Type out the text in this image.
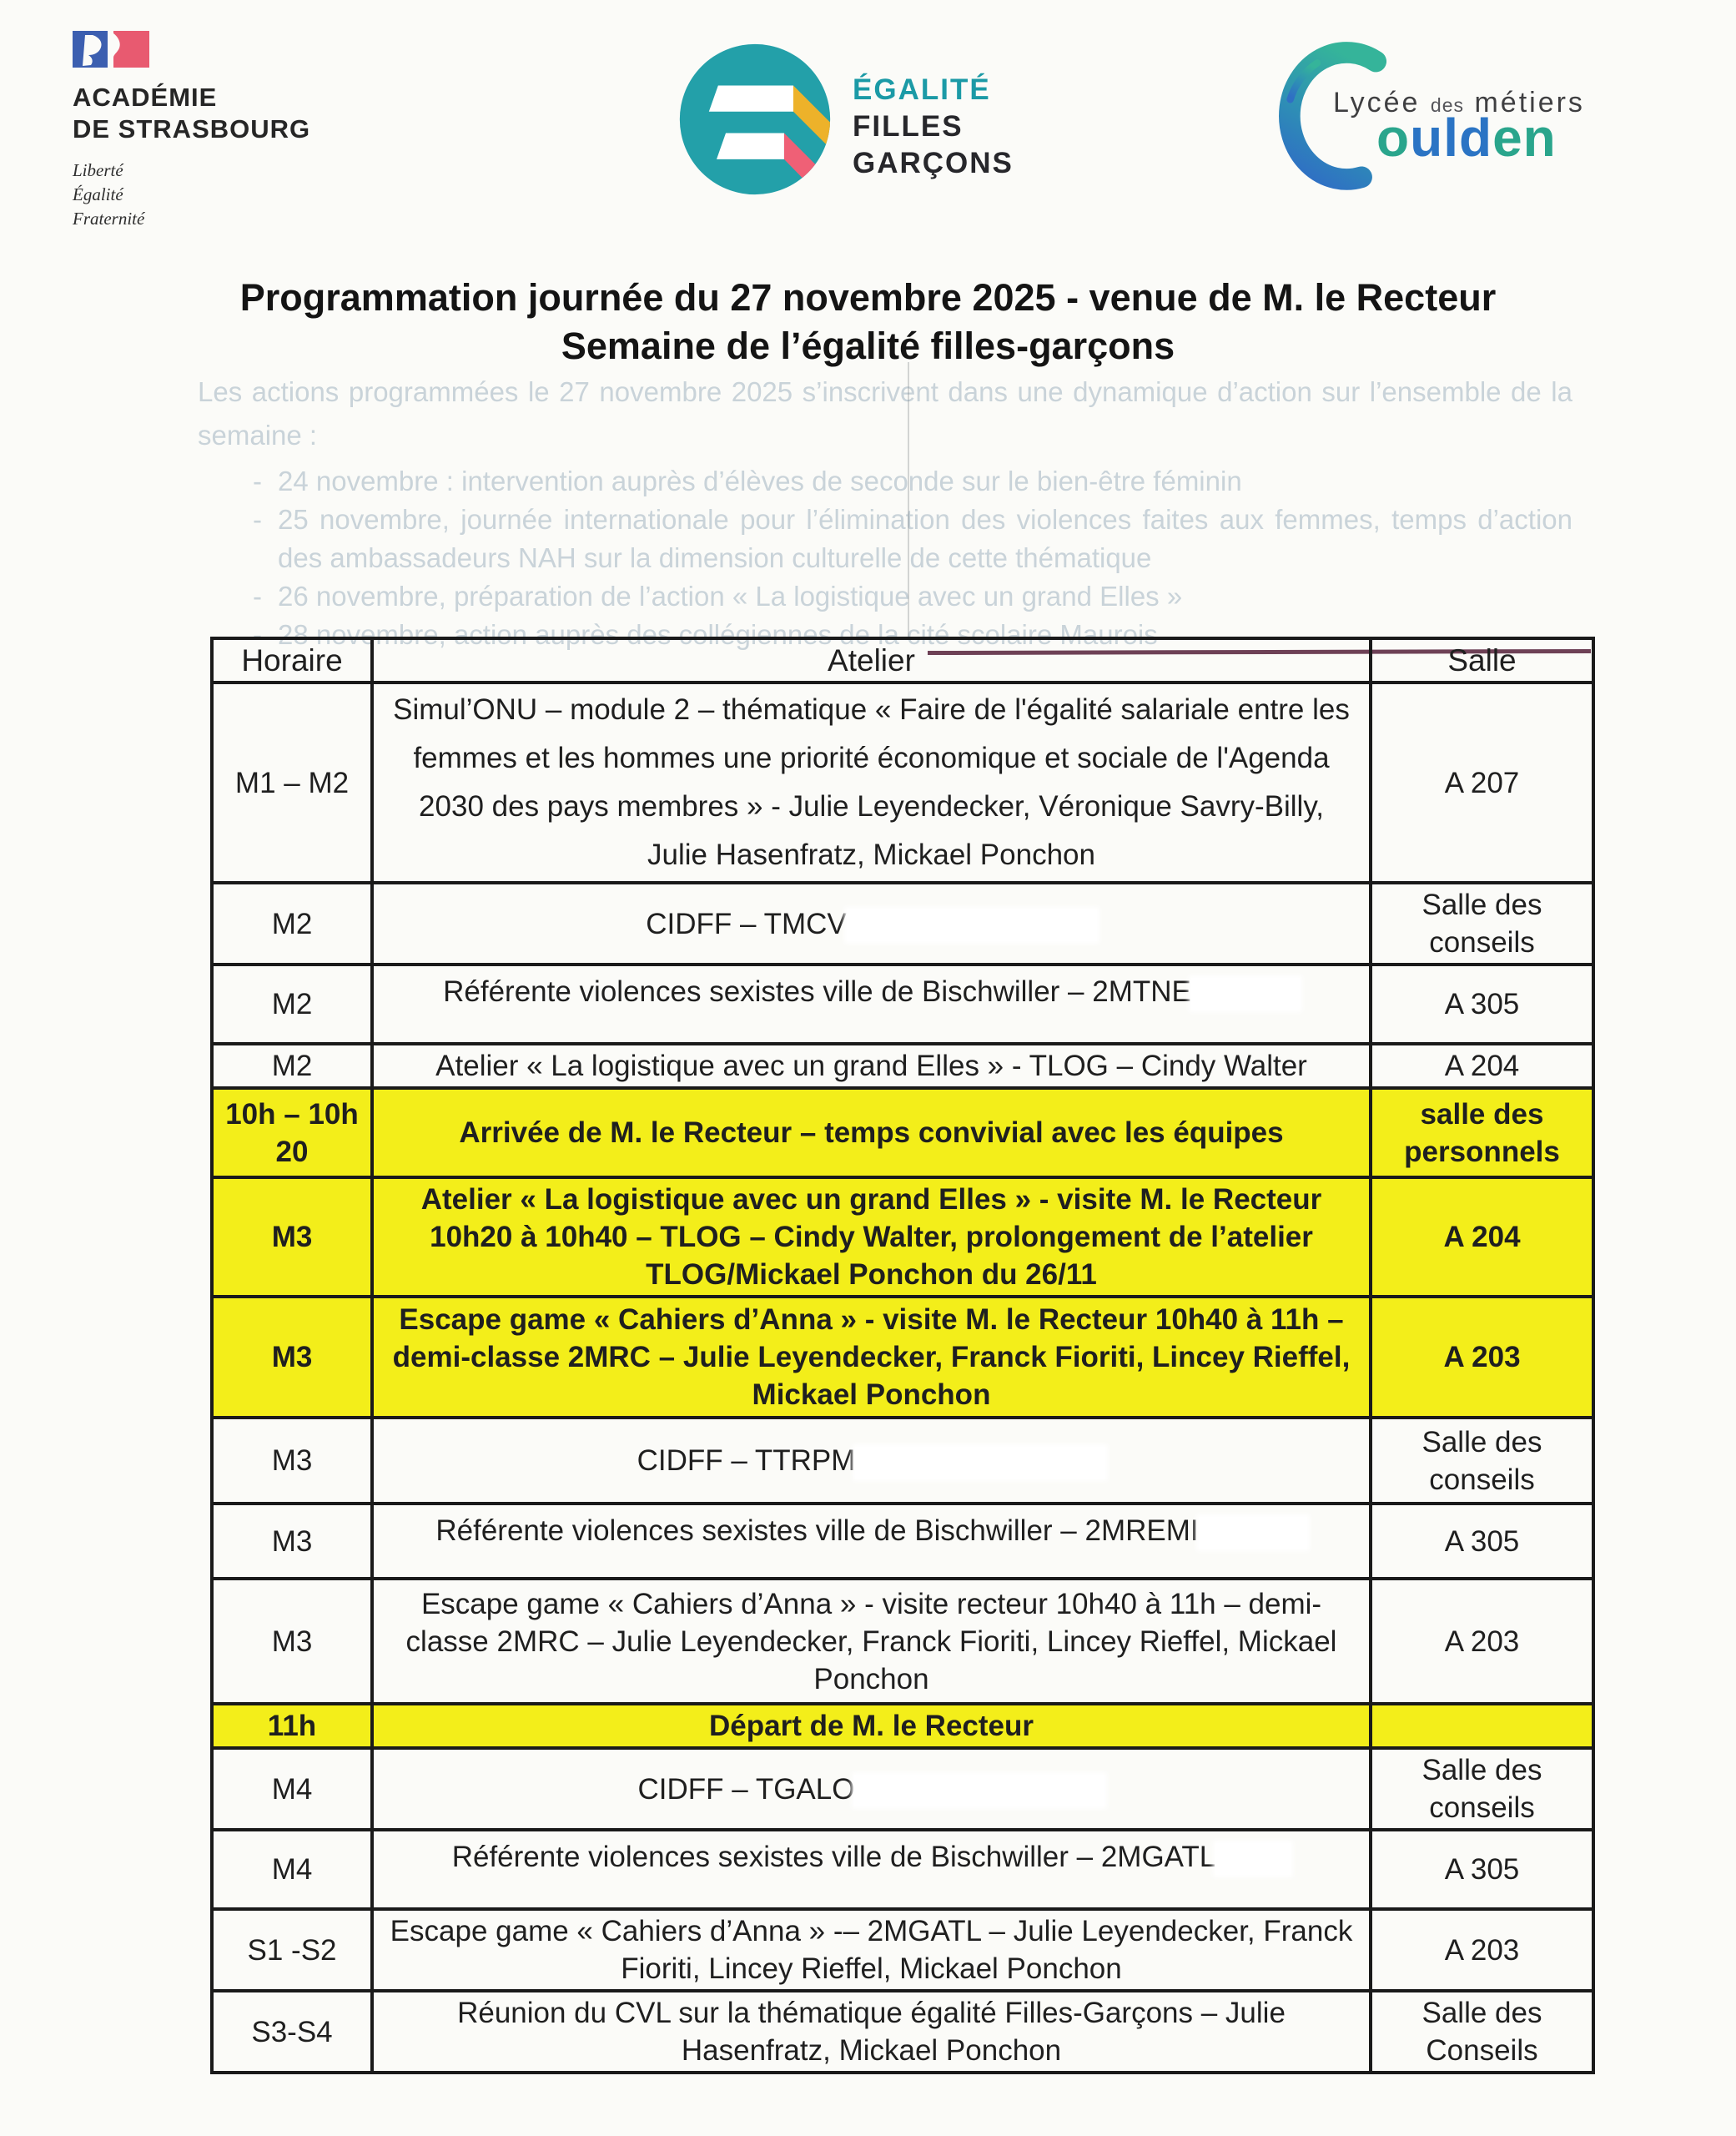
ACADÉMIE
DE STRASBOURG
Liberté
Égalité
Fraternité
ÉGALITÉ
FILLES
GARÇONS
Lycée des métiers
oulden
Programmation journée du 27 novembre 2025 - venue de M. le Recteur
Semaine de l’égalité filles-garçons
Les actions programmées le 27 novembre 2025 s’inscrivent dans une dynamique d’action sur l’ensemble de la semaine :
- 24 novembre : intervention auprès d’élèves de seconde sur le bien-être féminin
- 25 novembre, journée internationale pour l’élimination des violences faites aux femmes, temps d’action des ambassadeurs NAH sur la dimension culturelle de cette thématique
- 26 novembre, préparation de l’action « La logistique avec un grand Elles »
- 28 novembre, action auprès des collégiennes de la cité scolaire Maurois
Horaire	Atelier	Salle
M1 – M2	Simul’ONU – module 2 – thématique « Faire de l'égalité salariale entre les femmes et les hommes une priorité économique et sociale de l'Agenda 2030 des pays membres » - Julie Leyendecker, Véronique Savry-Billy, Julie Hasenfratz, Mickael Ponchon	A 207
M2	CIDFF – TMCV	Salle des conseils
M2	Référente violences sexistes ville de Bischwiller – 2MTNE	A 305
M2	Atelier « La logistique avec un grand Elles » - TLOG – Cindy Walter	A 204
10h – 10h 20	Arrivée de M. le Recteur – temps convivial avec les équipes	salle des personnels
M3	Atelier « La logistique avec un grand Elles » - visite M. le Recteur 10h20 à 10h40 – TLOG – Cindy Walter, prolongement de l’atelier TLOG/Mickael Ponchon du 26/11	A 204
M3	Escape game « Cahiers d’Anna » - visite M. le Recteur 10h40 à 11h – demi-classe 2MRC – Julie Leyendecker, Franck Fioriti, Lincey Rieffel, Mickael Ponchon	A 203
M3	CIDFF – TTRPM	Salle des conseils
M3	Référente violences sexistes ville de Bischwiller – 2MREMI	A 305
M3	Escape game « Cahiers d’Anna » - visite recteur 10h40 à 11h – demi-classe 2MRC – Julie Leyendecker, Franck Fioriti, Lincey Rieffel, Mickael Ponchon	A 203
11h	Départ de M. le Recteur	
M4	CIDFF – TGALO	Salle des conseils
M4	Référente violences sexistes ville de Bischwiller – 2MGATL	A 305
S1 -S2	Escape game « Cahiers d’Anna » -– 2MGATL – Julie Leyendecker, Franck Fioriti, Lincey Rieffel, Mickael Ponchon	A 203
S3-S4	Réunion du CVL sur la thématique égalité Filles-Garçons – Julie Hasenfratz, Mickael Ponchon	Salle des Conseils
